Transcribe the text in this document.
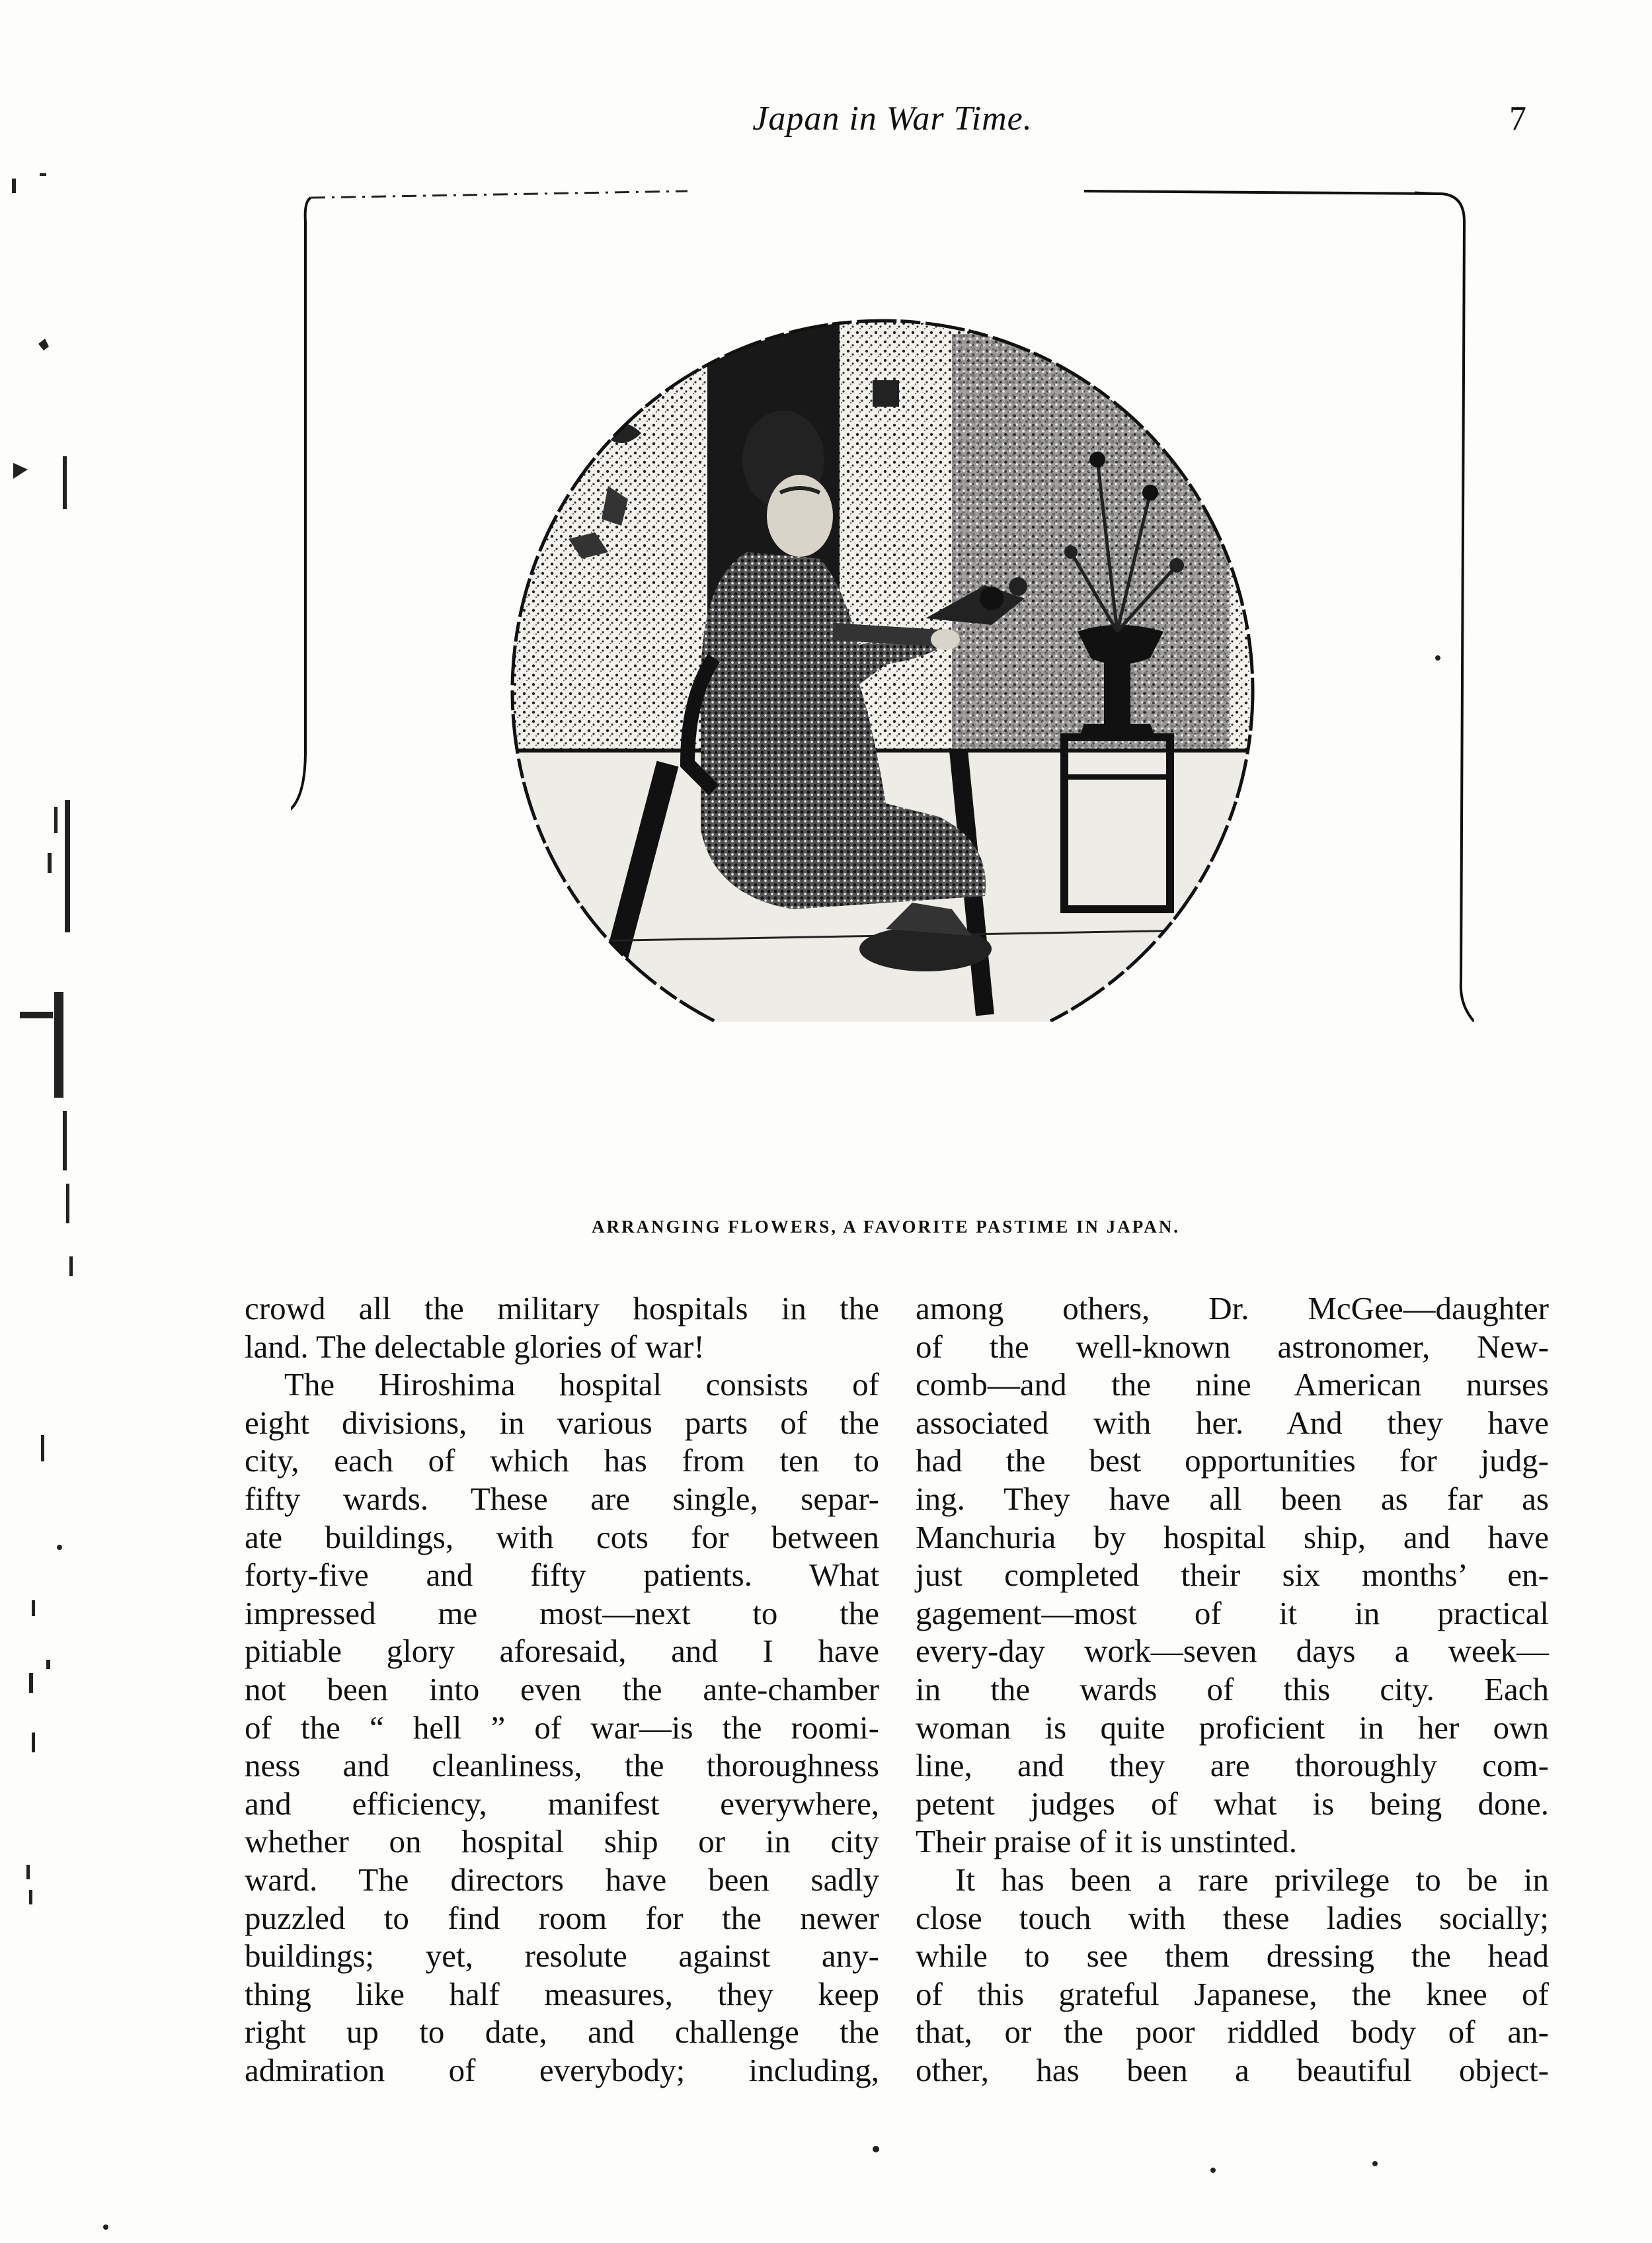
Japan in War Time.	7
ARRANGING FLOWERS, A FAVORITE PASTIME IN JAPAN.
crowd all the military hospitals in the
land. The delectable glories of war!
The Hiroshima hospital consists of
eight divisions, in various parts of the
city, each of which has from ten to
fifty wards. These are single, separ-
ate buildings, with cots for between
forty-five and fifty patients. What
impressed me most—next to the
pitiable glory aforesaid, and I have
not been into even the ante-chamber
of the “ hell ” of war—is the roomi-
ness and cleanliness, the thoroughness
and efficiency, manifest everywhere,
whether on hospital ship or in city
ward. The directors have been sadly
puzzled to find room for the newer
buildings; yet, resolute against any-
thing like half measures, they keep
right up to date, and challenge the
admiration of everybody; including,
among others, Dr. McGee—daughter
of the well-known astronomer, New-
comb—and the nine American nurses
associated with her. And they have
had the best opportunities for judg-
ing. They have all been as far as
Manchuria by hospital ship, and have
just completed their six months’ en-
gagement—most of it in practical
every-day work—seven days a week—
in the wards of this city. Each
woman is quite proficient in her own
line, and they are thoroughly com-
petent judges of what is being done.
Their praise of it is unstinted.
It has been a rare privilege to be in
close touch with these ladies socially;
while to see them dressing the head
of this grateful Japanese, the knee of
that, or the poor riddled body of an-
other, has been a beautiful object-
